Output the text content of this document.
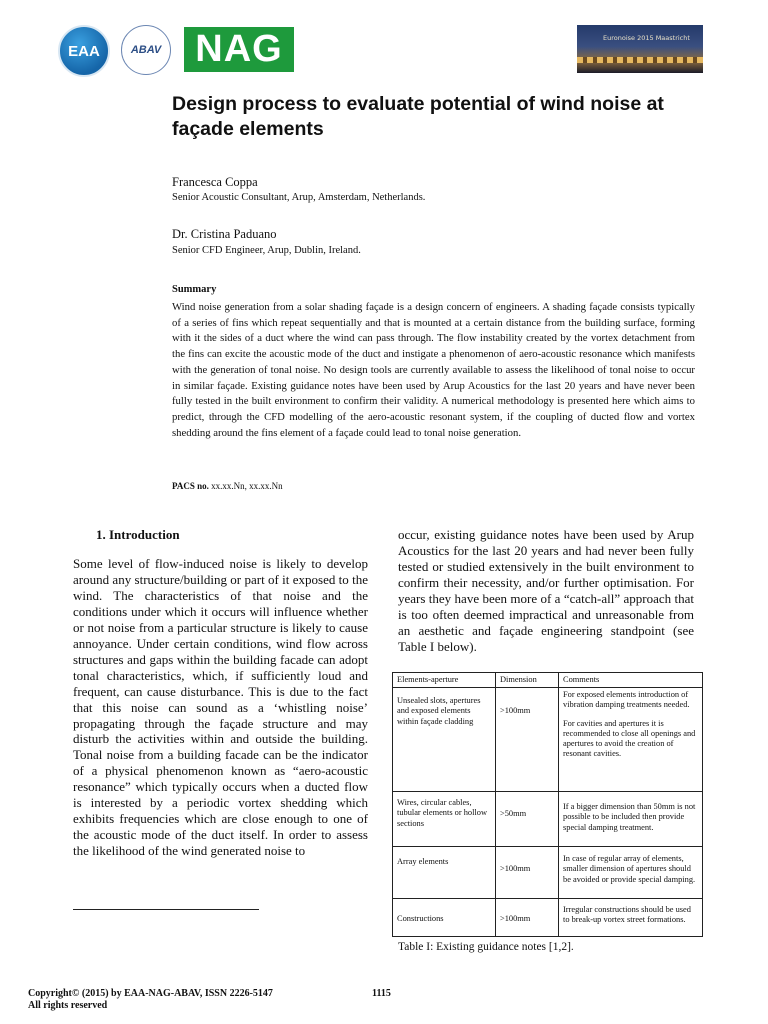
EAA	ABAV NAG	Euronoise 2015 Maastricht
Design process to evaluate potential of wind noise at façade elements
Francesca Coppa
Senior Acoustic Consultant, Arup, Amsterdam, Netherlands.
Dr. Cristina Paduano
Senior CFD Engineer, Arup, Dublin, Ireland.
Summary
Wind noise generation from a solar shading façade is a design concern of engineers. A shading façade consists typically of a series of fins which repeat sequentially and that is mounted at a certain distance from the building surface, forming with it the sides of a duct where the wind can pass through. The flow instability created by the vortex detachment from the fins can excite the acoustic mode of the duct and instigate a phenomenon of aero-acoustic resonance which manifests with the generation of tonal noise. No design tools are currently available to assess the likelihood of tonal noise to occur in similar façade. Existing guidance notes have been used by Arup Acoustics for the last 20 years and have never been fully tested in the built environment to confirm their validity. A numerical methodology is presented here which aims to predict, through the CFD modelling of the aero-acoustic resonant system, if the coupling of ducted flow and vortex shedding around the fins element of a façade could lead to tonal noise generation.
PACS no. xx.xx.Nn, xx.xx.Nn
1. Introduction
Some level of flow-induced noise is likely to develop around any structure/building or part of it exposed to the wind. The characteristics of that noise and the conditions under which it occurs will influence whether or not noise from a particular structure is likely to cause annoyance. Under certain conditions, wind flow across structures and gaps within the building facade can adopt tonal characteristics, which, if sufficiently loud and frequent, can cause disturbance. This is due to the fact that this noise can sound as a ‘whistling noise’ propagating through the façade structure and may disturb the activities within and outside the building. Tonal noise from a building facade can be the indicator of a physical phenomenon known as “aero-acoustic resonance” which typically occurs when a ducted flow is interested by a periodic vortex shedding which exhibits frequencies which are close enough to one of the acoustic mode of the duct itself. In order to assess the likelihood of the wind generated noise to
occur, existing guidance notes have been used by Arup Acoustics for the last 20 years and had never been fully tested or studied extensively in the built environment to confirm their necessity, and/or further optimisation. For years they have been more of a “catch-all” approach that is too often deemed impractical and unreasonable from an aesthetic and façade engineering standpoint (see Table I below).
Elements-aperture	Dimension	Comments
Unsealed slots, apertures and exposed elements within façade cladding	>100mm	For exposed elements introduction of vibration damping treatments needed.
For cavities and apertures it is recommended to close all openings and apertures to avoid the creation of resonant cavities.

Wires, circular cables, tubular elements or hollow sections	>50mm	If a bigger dimension than 50mm is not possible to be included then provide special damping treatment.
Array elements	>100mm	In case of regular array of elements, smaller dimension of apertures should be avoided or provide special damping.
Constructions	>100mm	Irregular constructions should be used to break-up vortex street formations.
Table I: Existing guidance notes [1,2].
Copyright© (2015) by EAA-NAG-ABAV, ISSN 2226-5147
All rights reserved
1115
